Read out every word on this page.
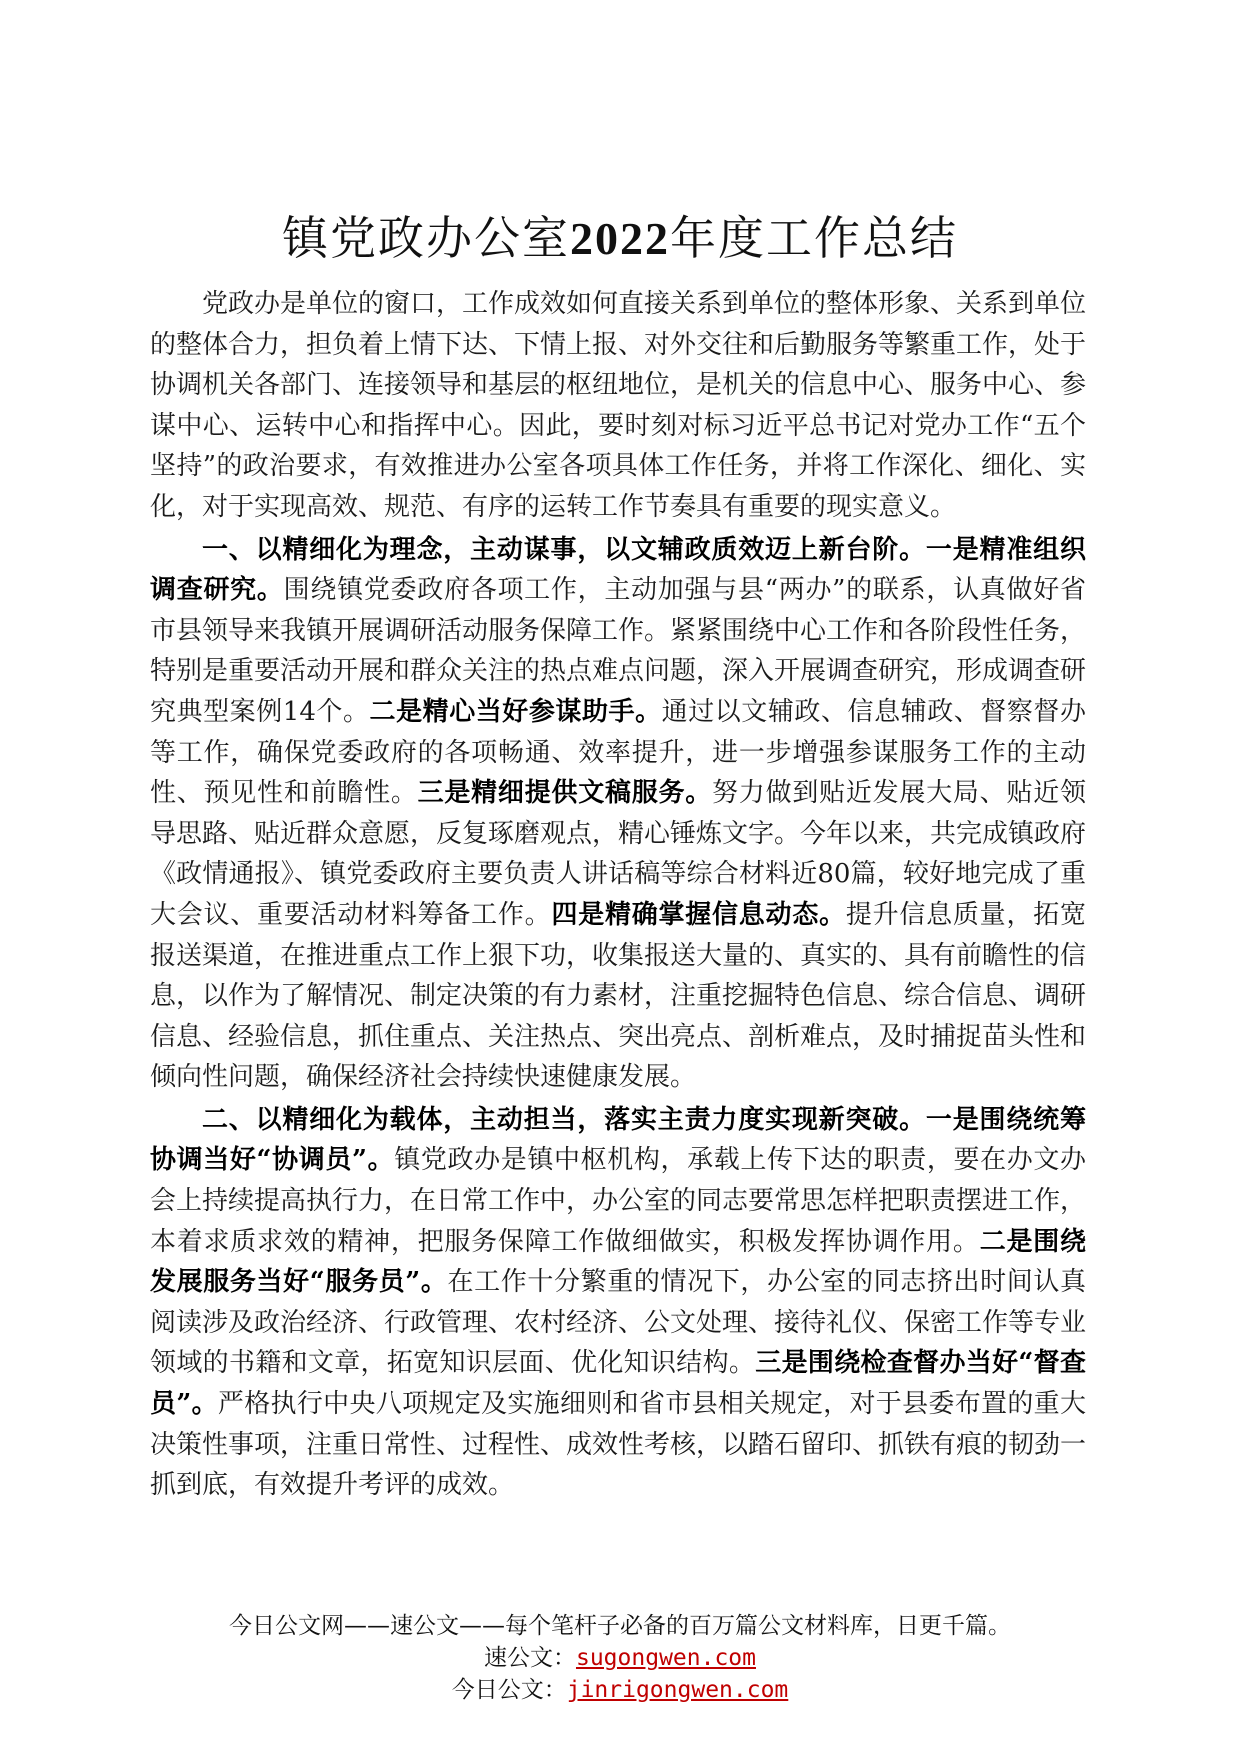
镇党政办公室2022年度工作总结

党政办是单位的窗口，工作成效如何直接关系到单位的整体形象、关系到单位的整体合力，担负着上情下达、下情上报、对外交往和后勤服务等繁重工作，处于协调机关各部门、连接领导和基层的枢纽地位，是机关的信息中心、服务中心、参谋中心、运转中心和指挥中心。因此，要时刻对标习近平总书记对党办工作“五个坚持”的政治要求，有效推进办公室各项具体工作任务，并将工作深化、细化、实化，对于实现高效、规范、有序的运转工作节奏具有重要的现实意义。

一、以精细化为理念，主动谋事，以文辅政质效迈上新台阶。一是精准组织调查研究。围绕镇党委政府各项工作，主动加强与县“两办”的联系，认真做好省市县领导来我镇开展调研活动服务保障工作。紧紧围绕中心工作和各阶段性任务，特别是重要活动开展和群众关注的热点难点问题，深入开展调查研究，形成调查研究典型案例14个。二是精心当好参谋助手。通过以文辅政、信息辅政、督察督办等工作，确保党委政府的各项畅通、效率提升，进一步增强参谋服务工作的主动性、预见性和前瞻性。三是精细提供文稿服务。努力做到贴近发展大局、贴近领导思路、贴近群众意愿，反复琢磨观点，精心锤炼文字。今年以来，共完成镇政府《政情通报》、镇党委政府主要负责人讲话稿等综合材料近80篇，较好地完成了重大会议、重要活动材料筹备工作。四是精确掌握信息动态。提升信息质量，拓宽报送渠道，在推进重点工作上狠下功，收集报送大量的、真实的、具有前瞻性的信息，以作为了解情况、制定决策的有力素材，注重挖掘特色信息、综合信息、调研信息、经验信息，抓住重点、关注热点、突出亮点、剖析难点，及时捕捉苗头性和倾向性问题，确保经济社会持续快速健康发展。

二、以精细化为载体，主动担当，落实主责力度实现新突破。一是围绕统筹协调当好“协调员”。镇党政办是镇中枢机构，承载上传下达的职责，要在办文办会上持续提高执行力，在日常工作中，办公室的同志要常思怎样把职责摆进工作，本着求质求效的精神，把服务保障工作做细做实，积极发挥协调作用。二是围绕发展服务当好“服务员”。在工作十分繁重的情况下，办公室的同志挤出时间认真阅读涉及政治经济、行政管理、农村经济、公文处理、接待礼仪、保密工作等专业领域的书籍和文章，拓宽知识层面、优化知识结构。三是围绕检查督办当好“督查员”。严格执行中央八项规定及实施细则和省市县相关规定，对于县委布置的重大决策性事项，注重日常性、过程性、成效性考核，以踏石留印、抓铁有痕的韧劲一抓到底，有效提升考评的成效。

今日公文网——速公文——每个笔杆子必备的百万篇公文材料库，日更千篇。
速公文：sugongwen.com
今日公文：jinrigongwen.com
